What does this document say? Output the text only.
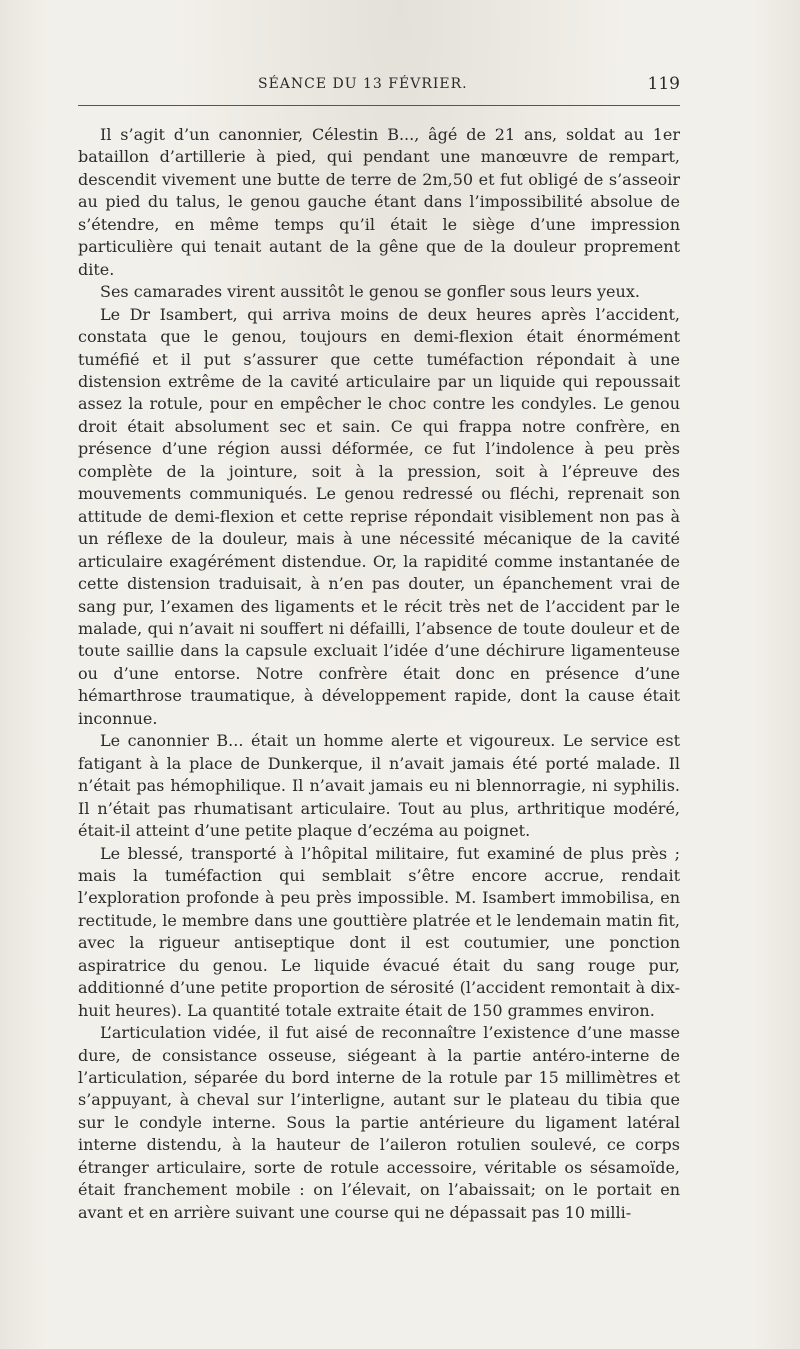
SÉANCE DU 13 FÉVRIER.	119

Il s’agit d’un canonnier, Célestin B..., âgé de 21 ans, soldat au 1er bataillon d’artillerie à pied, qui pendant une manœuvre de rempart, descendit vivement une butte de terre de 2m,50 et fut obligé de s’asseoir au pied du talus, le genou gauche étant dans l’impossibilité absolue de s’étendre, en même temps qu’il était le siège d’une impression particulière qui tenait autant de la gêne que de la douleur proprement dite.

Ses camarades virent aussitôt le genou se gonfler sous leurs yeux.

Le Dr Isambert, qui arriva moins de deux heures après l’accident, constata que le genou, toujours en demi-flexion était énormément tuméfié et il put s’assurer que cette tuméfaction répondait à une distension extrême de la cavité articulaire par un liquide qui repoussait assez la rotule, pour en empêcher le choc contre les condyles. Le genou droit était absolument sec et sain. Ce qui frappa notre confrère, en présence d’une région aussi déformée, ce fut l’indolence à peu près complète de la jointure, soit à la pression, soit à l’épreuve des mouvements communiqués. Le genou redressé ou fléchi, reprenait son attitude de demi-flexion et cette reprise répondait visiblement non pas à un réflexe de la douleur, mais à une nécessité mécanique de la cavité articulaire exagérément distendue. Or, la rapidité comme instantanée de cette distension traduisait, à n’en pas douter, un épanchement vrai de sang pur, l’examen des ligaments et le récit très net de l’accident par le malade, qui n’avait ni souffert ni défailli, l’absence de toute douleur et de toute saillie dans la capsule excluait l’idée d’une déchirure ligamenteuse ou d’une entorse. Notre confrère était donc en présence d’une hémarthrose traumatique, à développement rapide, dont la cause était inconnue.

Le canonnier B... était un homme alerte et vigoureux. Le service est fatigant à la place de Dunkerque, il n’avait jamais été porté malade. Il n’était pas hémophilique. Il n’avait jamais eu ni blennorragie, ni syphilis. Il n’était pas rhumatisant articulaire. Tout au plus, arthritique modéré, était-il atteint d’une petite plaque d’eczéma au poignet.

Le blessé, transporté à l’hôpital militaire, fut examiné de plus près ; mais la tuméfaction qui semblait s’être encore accrue, rendait l’exploration profonde à peu près impossible. M. Isambert immobilisa, en rectitude, le membre dans une gouttière platrée et le lendemain matin fit, avec la rigueur antiseptique dont il est coutumier, une ponction aspiratrice du genou. Le liquide évacué était du sang rouge pur, additionné d’une petite proportion de sérosité (l’accident remontait à dix-huit heures). La quantité totale extraite était de 150 grammes environ.

L’articulation vidée, il fut aisé de reconnaître l’existence d’une masse dure, de consistance osseuse, siégeant à la partie antéro-interne de l’articulation, séparée du bord interne de la rotule par 15 millimètres et s’appuyant, à cheval sur l’interligne, autant sur le plateau du tibia que sur le condyle interne. Sous la partie antérieure du ligament latéral interne distendu, à la hauteur de l’aileron rotulien soulevé, ce corps étranger articulaire, sorte de rotule accessoire, véritable os sésamoïde, était franchement mobile : on l’élevait, on l’abaissait; on le portait en avant et en arrière suivant une course qui ne dépassait pas 10 milli-
